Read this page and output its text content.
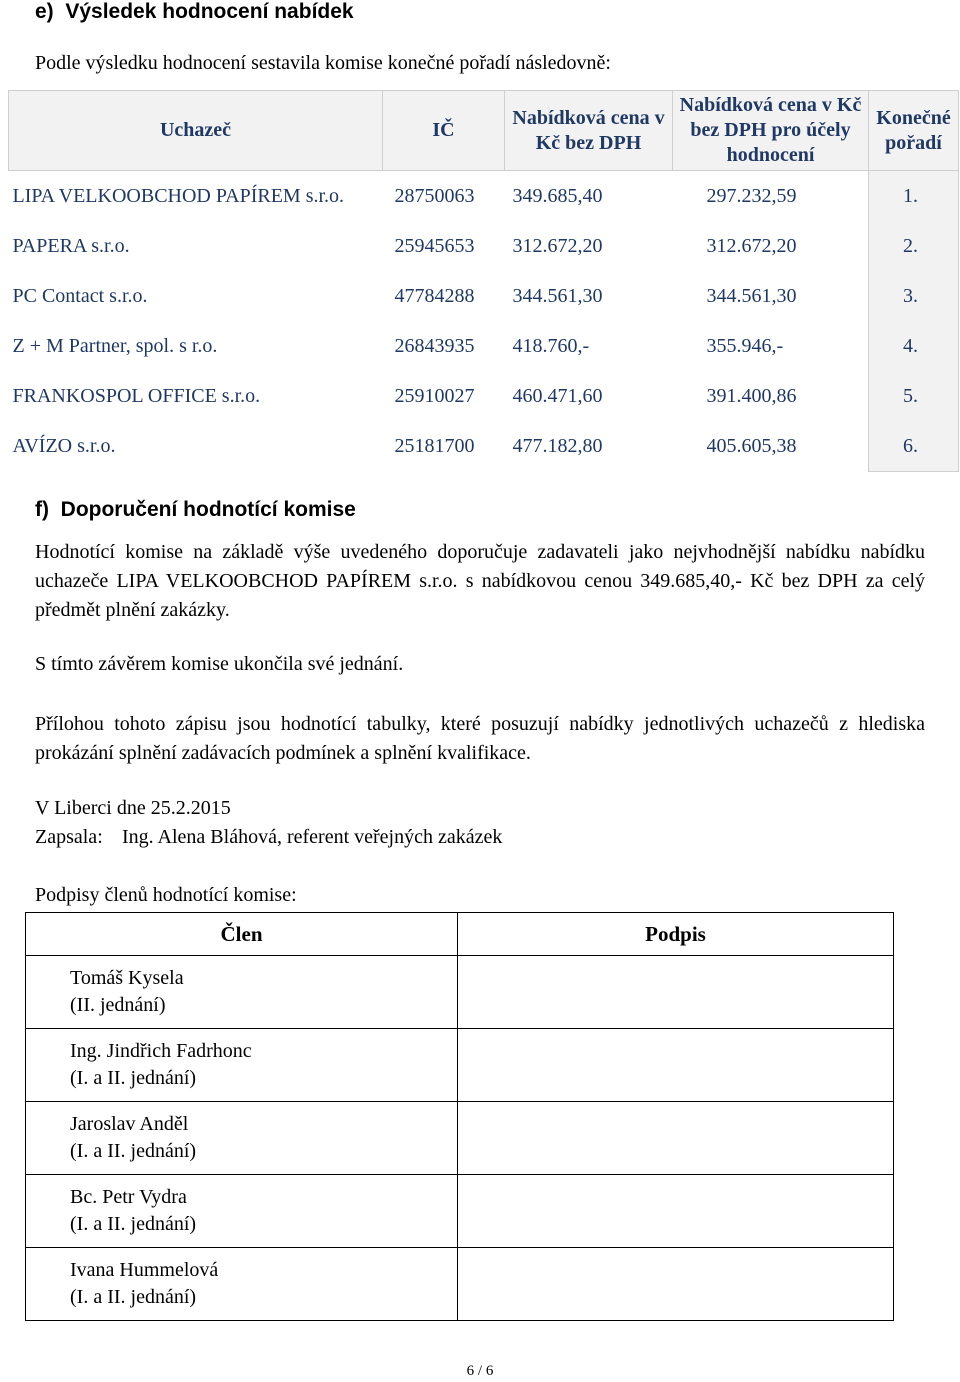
e)  Výsledek hodnocení nabídek
Podle výsledku hodnocení sestavila komise konečné pořadí následovně:
Uchazeč	IČ	Nabídková cena v Kč bez DPH	Nabídková cena v Kč bez DPH pro účely hodnocení	Konečné pořadí
LIPA VELKOOBCHOD PAPÍREM s.r.o.	28750063	349.685,40	297.232,59	1.
PAPERA s.r.o.	25945653	312.672,20	312.672,20	2.
PC Contact s.r.o.	47784288	344.561,30	344.561,30	3.
Z + M Partner, spol. s r.o.	26843935	418.760,-	355.946,-	4.
FRANKOSPOL OFFICE s.r.o.	25910027	460.471,60	391.400,86	5.
AVÍZO s.r.o.	25181700	477.182,80	405.605,38	6.
f)  Doporučení hodnotící komise
Hodnotící komise na základě výše uvedeného doporučuje zadavateli jako nejvhodnější nabídku nabídku uchazeče LIPA VELKOOBCHOD PAPÍREM s.r.o. s nabídkovou cenou 349.685,40,- Kč bez DPH za celý předmět plnění zakázky.
S tímto závěrem komise ukončila své jednání.
Přílohou tohoto zápisu jsou hodnotící tabulky, které posuzují nabídky jednotlivých uchazečů z hlediska prokázání splnění zadávacích podmínek a splnění kvalifikace.
V Liberci dne 25.2.2015
Zapsala: Ing. Alena Bláhová, referent veřejných zakázek
Podpisy členů hodnotící komise:
Člen	Podpis

Tomáš Kysela
(II. jednání)	

Ing. Jindřich Fadrhonc
(I. a II. jednání)	

Jaroslav Anděl
(I. a II. jednání)	

Bc. Petr Vydra
(I. a II. jednání)	

Ivana Hummelová
(I. a II. jednání)	

6 / 6
